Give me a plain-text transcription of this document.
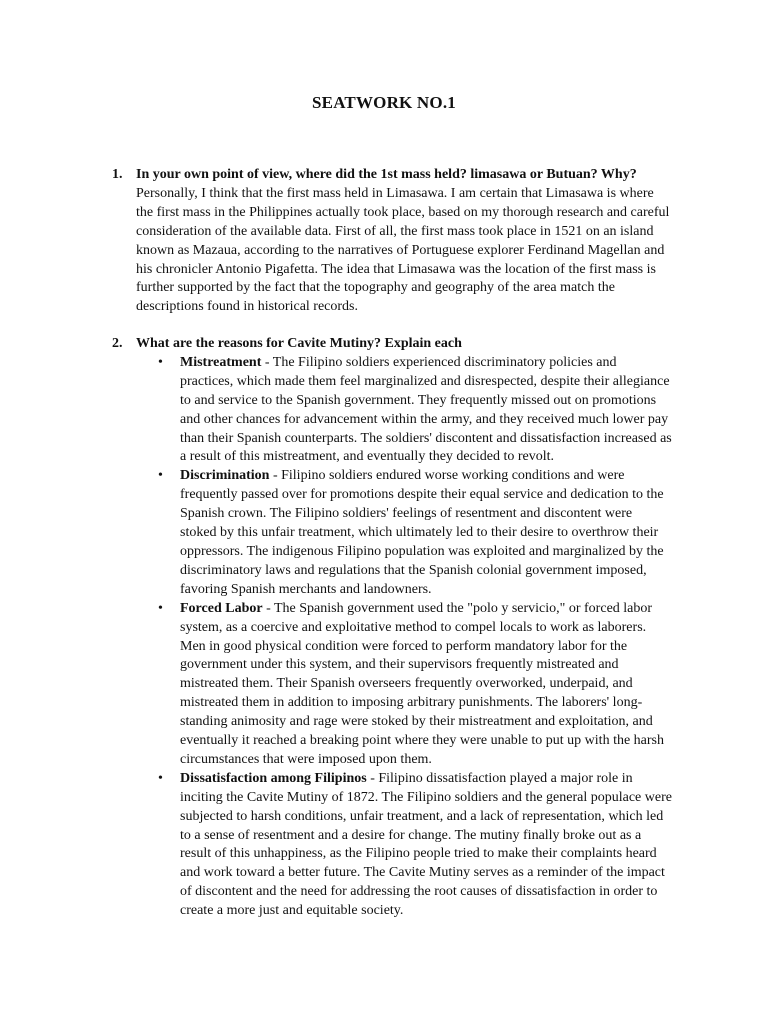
SEATWORK NO.1
1. In your own point of view, where did the 1st mass held? limasawa or Butuan? Why?
Personally, I think that the first mass held in Limasawa. I am certain that Limasawa is where the first mass in the Philippines actually took place, based on my thorough research and careful consideration of the available data. First of all, the first mass took place in 1521 on an island known as Mazaua, according to the narratives of Portuguese explorer Ferdinand Magellan and his chronicler Antonio Pigafetta. The idea that Limasawa was the location of the first mass is further supported by the fact that the topography and geography of the area match the descriptions found in historical records.
2. What are the reasons for Cavite Mutiny? Explain each
• Mistreatment - The Filipino soldiers experienced discriminatory policies and practices, which made them feel marginalized and disrespected, despite their allegiance to and service to the Spanish government. They frequently missed out on promotions and other chances for advancement within the army, and they received much lower pay than their Spanish counterparts. The soldiers' discontent and dissatisfaction increased as a result of this mistreatment, and eventually they decided to revolt.
• Discrimination - Filipino soldiers endured worse working conditions and were frequently passed over for promotions despite their equal service and dedication to the Spanish crown. The Filipino soldiers' feelings of resentment and discontent were stoked by this unfair treatment, which ultimately led to their desire to overthrow their oppressors. The indigenous Filipino population was exploited and marginalized by the discriminatory laws and regulations that the Spanish colonial government imposed, favoring Spanish merchants and landowners.
• Forced Labor - The Spanish government used the "polo y servicio," or forced labor system, as a coercive and exploitative method to compel locals to work as laborers. Men in good physical condition were forced to perform mandatory labor for the government under this system, and their supervisors frequently mistreated and mistreated them. Their Spanish overseers frequently overworked, underpaid, and mistreated them in addition to imposing arbitrary punishments. The laborers' long-standing animosity and rage were stoked by their mistreatment and exploitation, and eventually it reached a breaking point where they were unable to put up with the harsh circumstances that were imposed upon them.
• Dissatisfaction among Filipinos - Filipino dissatisfaction played a major role in inciting the Cavite Mutiny of 1872. The Filipino soldiers and the general populace were subjected to harsh conditions, unfair treatment, and a lack of representation, which led to a sense of resentment and a desire for change. The mutiny finally broke out as a result of this unhappiness, as the Filipino people tried to make their complaints heard and work toward a better future. The Cavite Mutiny serves as a reminder of the impact of discontent and the need for addressing the root causes of dissatisfaction in order to create a more just and equitable society.
